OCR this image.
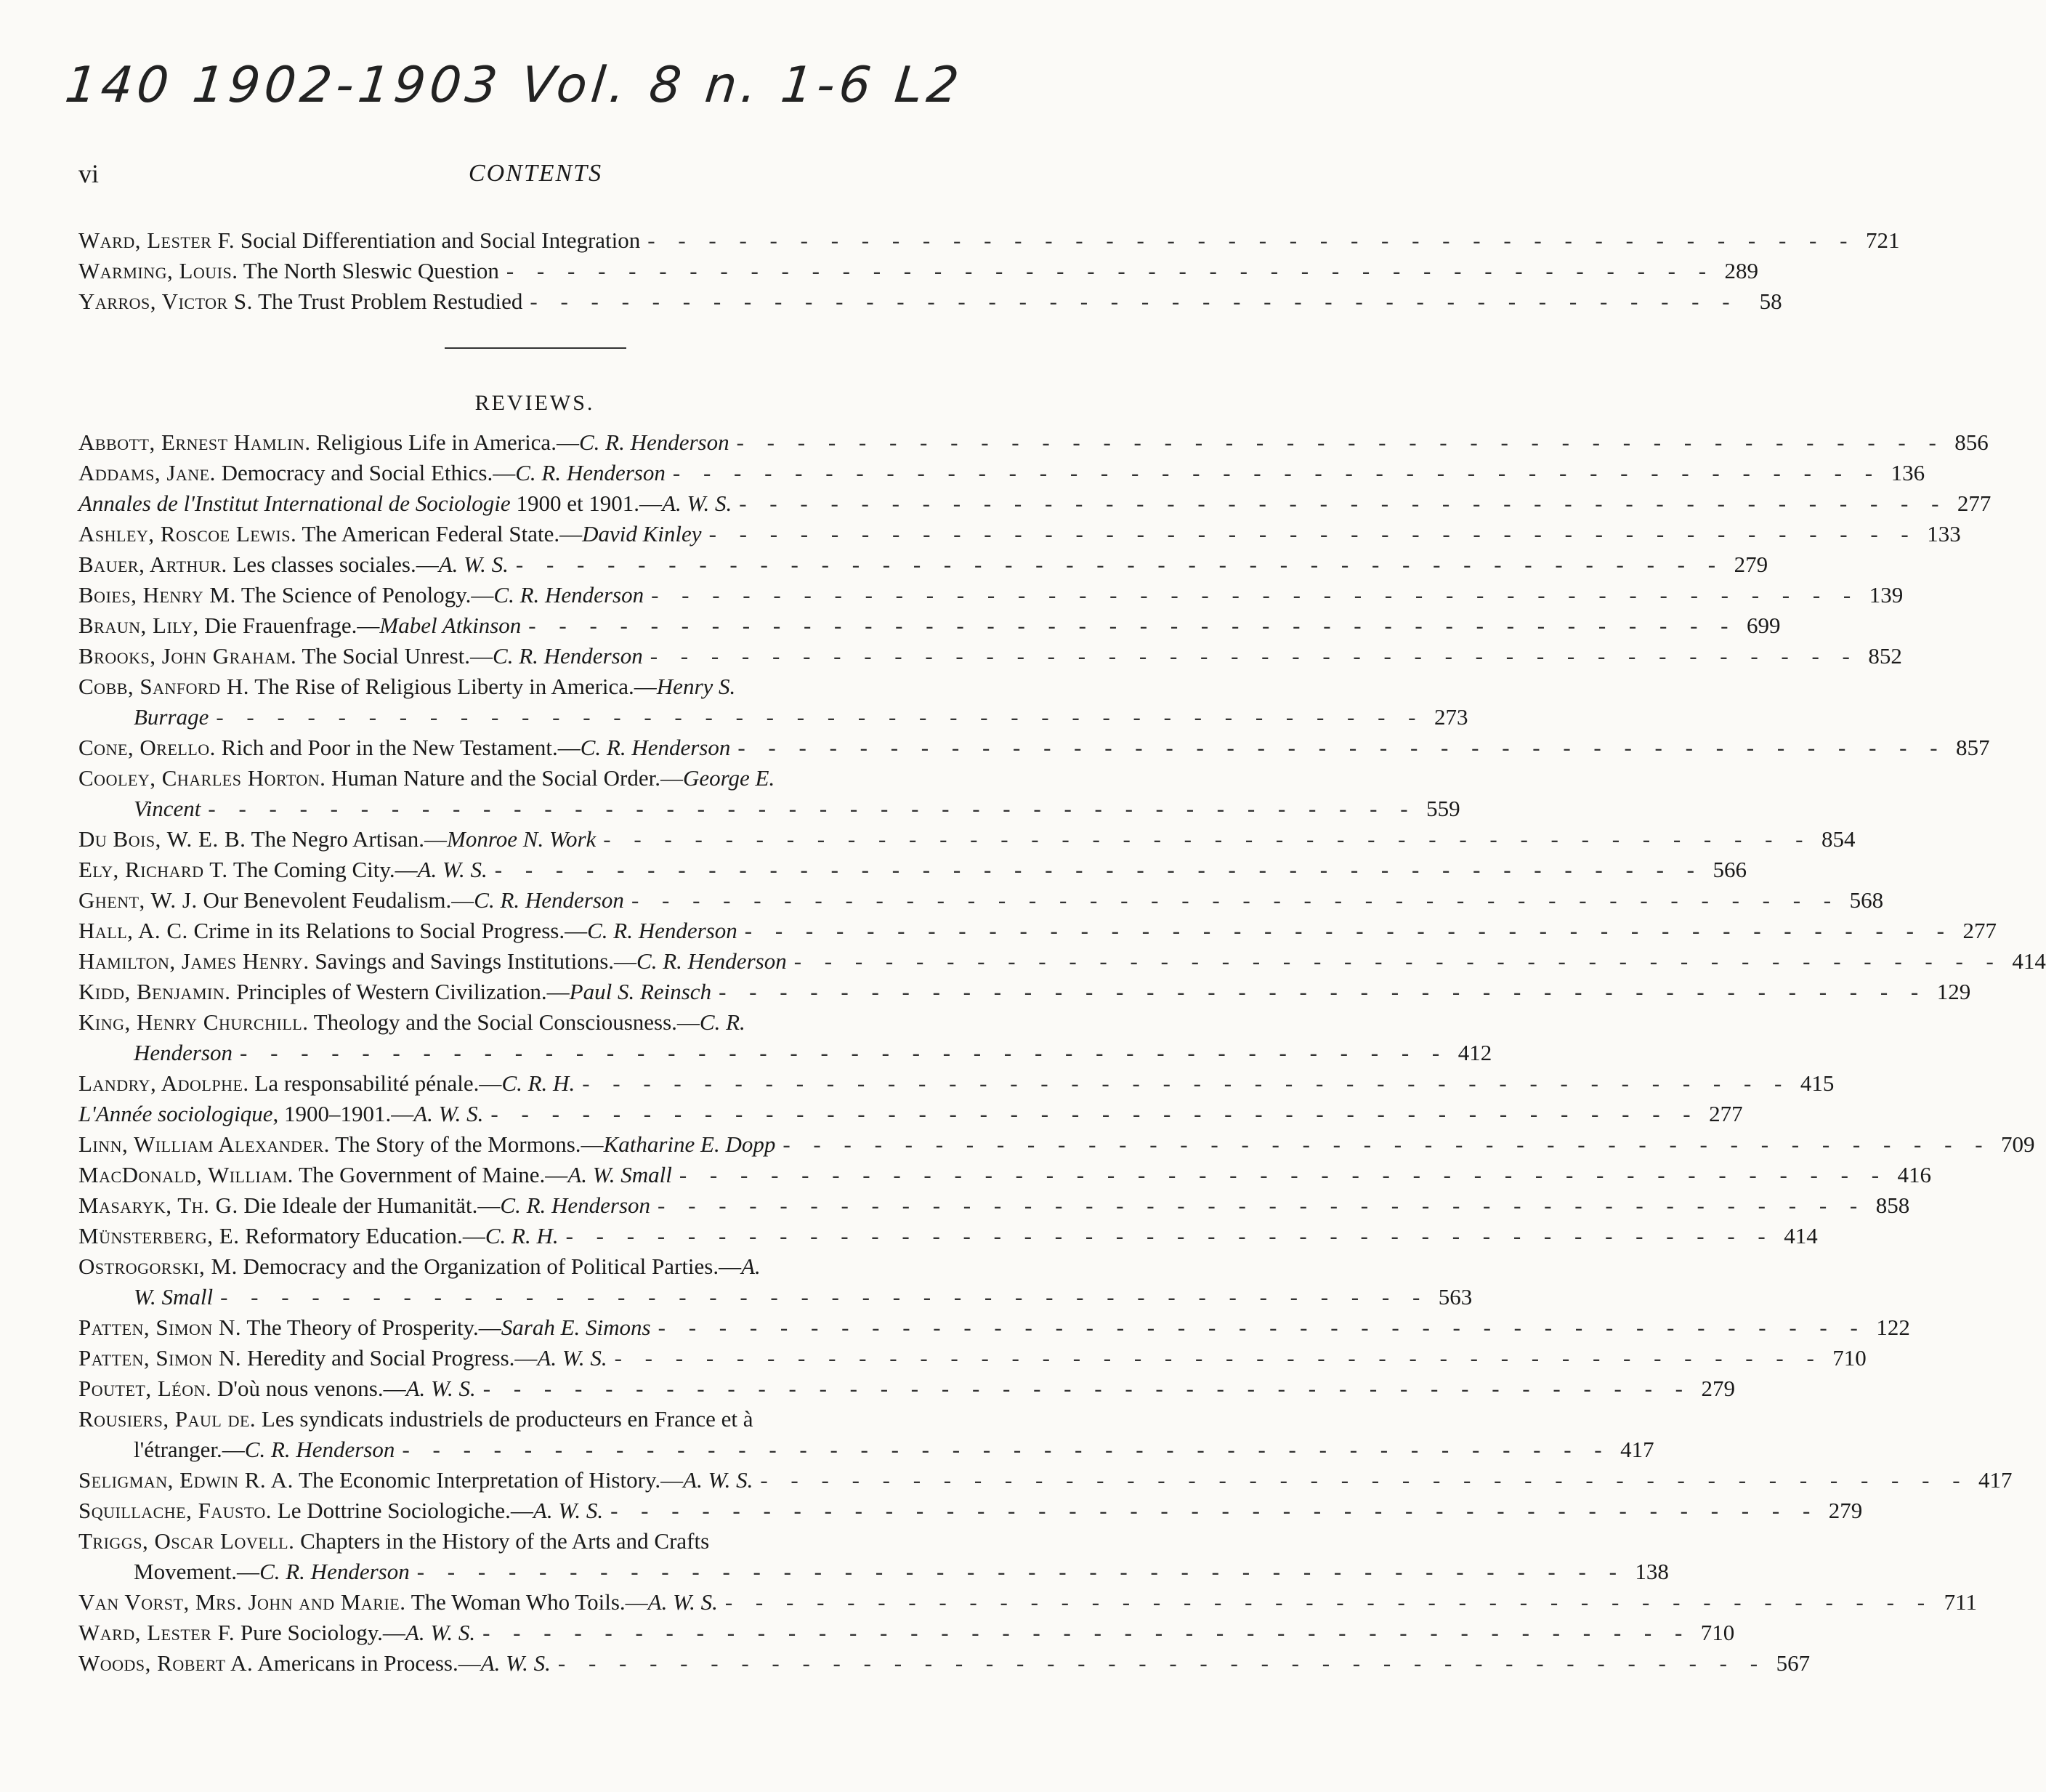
140 1902-1903 Vol. 8 n. 1-6 L2
vi	CONTENTS
Ward, Lester F. Social Differentiation and Social Integration - - - - - - - - - - - - - - - - - - - - - - - - - - - - - - - - - - - - - - - - 721
Warming, Louis. The North Sleswic Question - - - - - - - - - - - - - - - - - - - - - - - - - - - - - - - - - - - - - - - - 289
Yarros, Victor S. The Trust Problem Restudied - - - - - - - - - - - - - - - - - - - - - - - - - - - - - - - - - - - - - - - - 58
REVIEWS.
Abbott, Ernest Hamlin. Religious Life in America.—C. R. Henderson - - - - - - - - - - - - - - - - - - - - - - - - - - - - - - - - - - - - - - - - 856
Addams, Jane. Democracy and Social Ethics.—C. R. Henderson - - - - - - - - - - - - - - - - - - - - - - - - - - - - - - - - - - - - - - - - 136
Annales de l'Institut International de Sociologie 1900 et 1901.—A. W. S. - - - - - - - - - - - - - - - - - - - - - - - - - - - - - - - - - - - - - - - - 277
Ashley, Roscoe Lewis. The American Federal State.—David Kinley - - - - - - - - - - - - - - - - - - - - - - - - - - - - - - - - - - - - - - - - 133
Bauer, Arthur. Les classes sociales.—A. W. S. - - - - - - - - - - - - - - - - - - - - - - - - - - - - - - - - - - - - - - - - 279
Boies, Henry M. The Science of Penology.—C. R. Henderson - - - - - - - - - - - - - - - - - - - - - - - - - - - - - - - - - - - - - - - - 139
Braun, Lily, Die Frauenfrage.—Mabel Atkinson - - - - - - - - - - - - - - - - - - - - - - - - - - - - - - - - - - - - - - - - 699
Brooks, John Graham. The Social Unrest.—C. R. Henderson - - - - - - - - - - - - - - - - - - - - - - - - - - - - - - - - - - - - - - - - 852
Cobb, Sanford H. The Rise of Religious Liberty in America.—Henry S.
Burrage - - - - - - - - - - - - - - - - - - - - - - - - - - - - - - - - - - - - - - - - 273
Cone, Orello. Rich and Poor in the New Testament.—C. R. Henderson - - - - - - - - - - - - - - - - - - - - - - - - - - - - - - - - - - - - - - - - 857
Cooley, Charles Horton. Human Nature and the Social Order.—George E.
Vincent - - - - - - - - - - - - - - - - - - - - - - - - - - - - - - - - - - - - - - - - 559
Du Bois, W. E. B. The Negro Artisan.—Monroe N. Work - - - - - - - - - - - - - - - - - - - - - - - - - - - - - - - - - - - - - - - - 854
Ely, Richard T. The Coming City.—A. W. S. - - - - - - - - - - - - - - - - - - - - - - - - - - - - - - - - - - - - - - - - 566
Ghent, W. J. Our Benevolent Feudalism.—C. R. Henderson - - - - - - - - - - - - - - - - - - - - - - - - - - - - - - - - - - - - - - - - 568
Hall, A. C. Crime in its Relations to Social Progress.—C. R. Henderson - - - - - - - - - - - - - - - - - - - - - - - - - - - - - - - - - - - - - - - - 277
Hamilton, James Henry. Savings and Savings Institutions.—C. R. Henderson - - - - - - - - - - - - - - - - - - - - - - - - - - - - - - - - - - - - - - - - 414
Kidd, Benjamin. Principles of Western Civilization.—Paul S. Reinsch - - - - - - - - - - - - - - - - - - - - - - - - - - - - - - - - - - - - - - - - 129
King, Henry Churchill. Theology and the Social Consciousness.—C. R.
Henderson - - - - - - - - - - - - - - - - - - - - - - - - - - - - - - - - - - - - - - - - 412
Landry, Adolphe. La responsabilité pénale.—C. R. H. - - - - - - - - - - - - - - - - - - - - - - - - - - - - - - - - - - - - - - - - 415
L'Année sociologique, 1900–1901.—A. W. S. - - - - - - - - - - - - - - - - - - - - - - - - - - - - - - - - - - - - - - - - 277
Linn, William Alexander. The Story of the Mormons.—Katharine E. Dopp - - - - - - - - - - - - - - - - - - - - - - - - - - - - - - - - - - - - - - - - 709
MacDonald, William. The Government of Maine.—A. W. Small - - - - - - - - - - - - - - - - - - - - - - - - - - - - - - - - - - - - - - - - 416
Masaryk, Th. G. Die Ideale der Humanität.—C. R. Henderson - - - - - - - - - - - - - - - - - - - - - - - - - - - - - - - - - - - - - - - - 858
Münsterberg, E. Reformatory Education.—C. R. H. - - - - - - - - - - - - - - - - - - - - - - - - - - - - - - - - - - - - - - - - 414
Ostrogorski, M. Democracy and the Organization of Political Parties.—A.
W. Small - - - - - - - - - - - - - - - - - - - - - - - - - - - - - - - - - - - - - - - - 563
Patten, Simon N. The Theory of Prosperity.—Sarah E. Simons - - - - - - - - - - - - - - - - - - - - - - - - - - - - - - - - - - - - - - - - 122
Patten, Simon N. Heredity and Social Progress.—A. W. S. - - - - - - - - - - - - - - - - - - - - - - - - - - - - - - - - - - - - - - - - 710
Poutet, Léon. D'où nous venons.—A. W. S. - - - - - - - - - - - - - - - - - - - - - - - - - - - - - - - - - - - - - - - - 279
Rousiers, Paul de. Les syndicats industriels de producteurs en France et à
l'étranger.—C. R. Henderson - - - - - - - - - - - - - - - - - - - - - - - - - - - - - - - - - - - - - - - - 417
Seligman, Edwin R. A. The Economic Interpretation of History.—A. W. S. - - - - - - - - - - - - - - - - - - - - - - - - - - - - - - - - - - - - - - - - 417
Squillache, Fausto. Le Dottrine Sociologiche.—A. W. S. - - - - - - - - - - - - - - - - - - - - - - - - - - - - - - - - - - - - - - - - 279
Triggs, Oscar Lovell. Chapters in the History of the Arts and Crafts
Movement.—C. R. Henderson - - - - - - - - - - - - - - - - - - - - - - - - - - - - - - - - - - - - - - - - 138
Van Vorst, Mrs. John and Marie. The Woman Who Toils.—A. W. S. - - - - - - - - - - - - - - - - - - - - - - - - - - - - - - - - - - - - - - - - 711
Ward, Lester F. Pure Sociology.—A. W. S. - - - - - - - - - - - - - - - - - - - - - - - - - - - - - - - - - - - - - - - - 710
Woods, Robert A. Americans in Process.—A. W. S. - - - - - - - - - - - - - - - - - - - - - - - - - - - - - - - - - - - - - - - - 567
